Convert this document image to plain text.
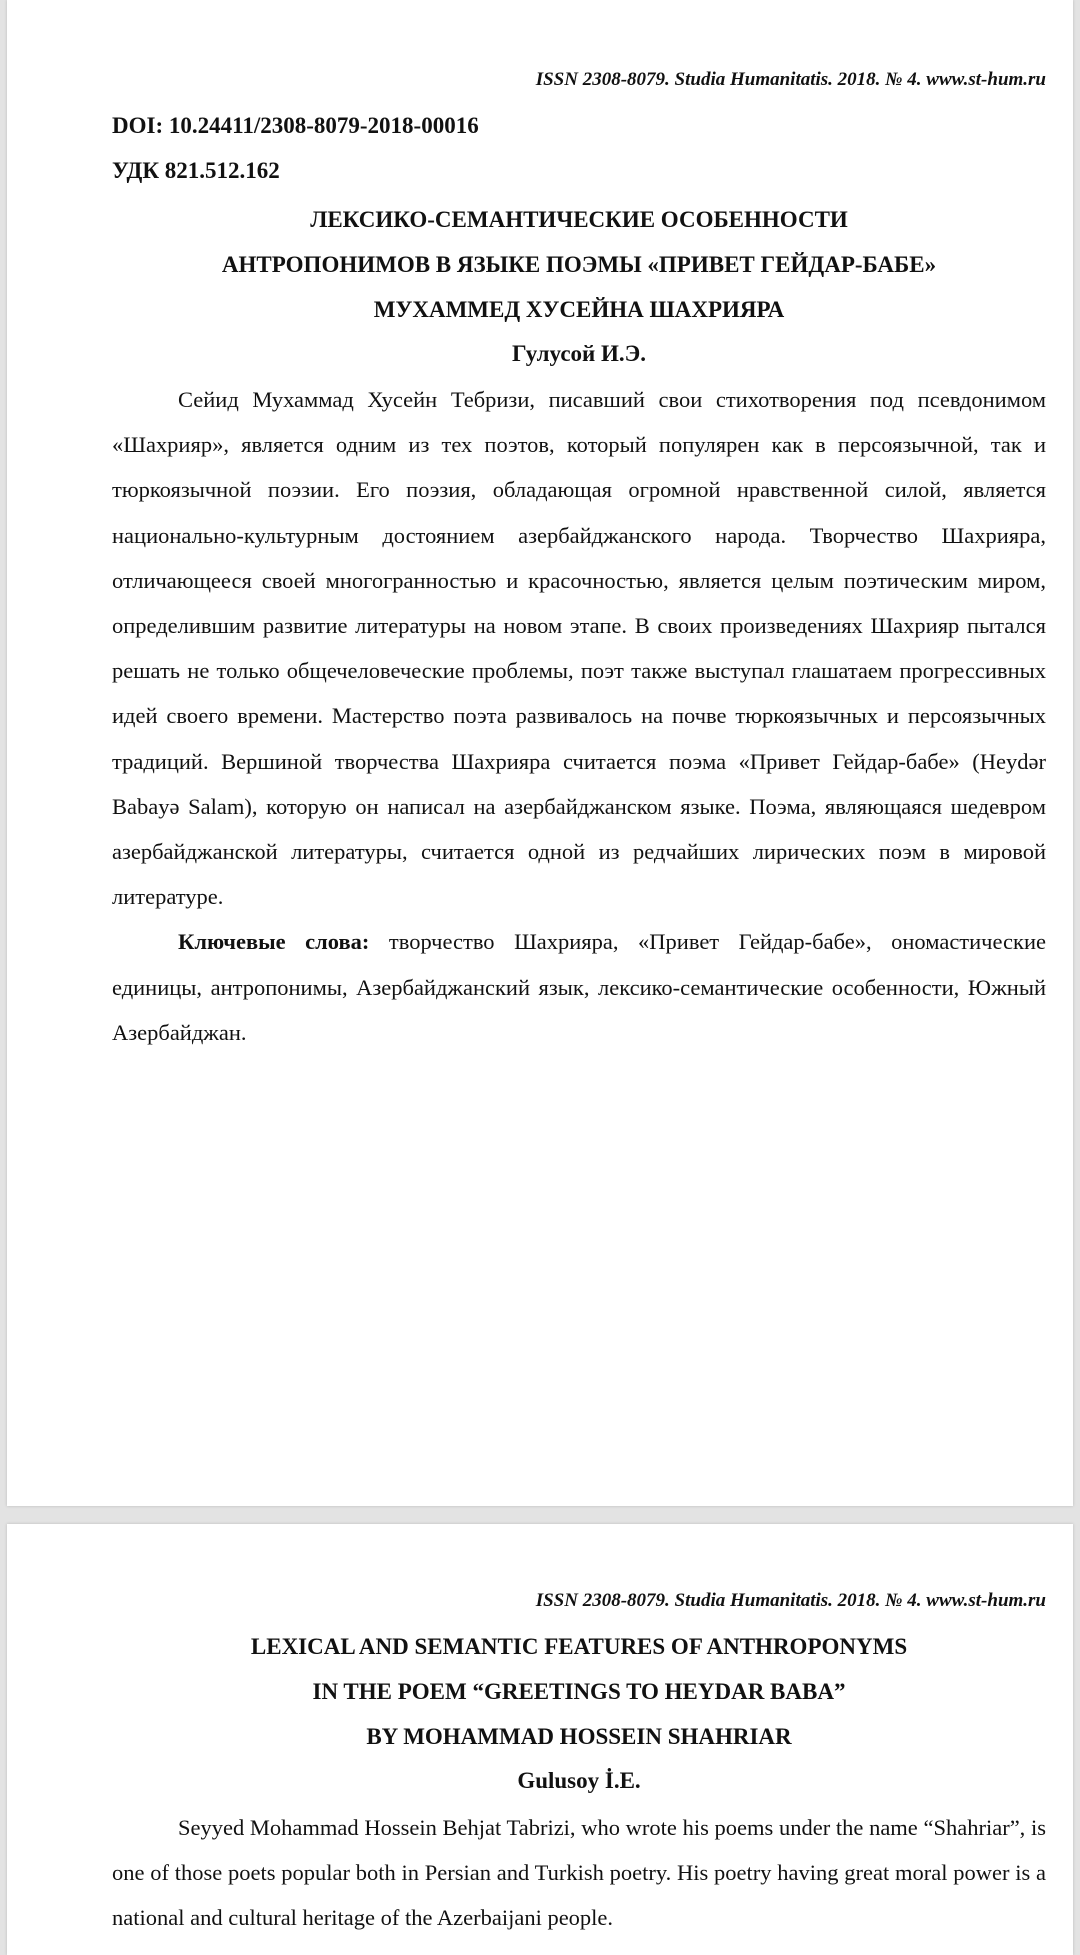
ISSN 2308-8079. Studia Humanitatis. 2018. № 4. www.st-hum.ru
DOI: 10.24411/2308-8079-2018-00016
УДК 821.512.162
ЛЕКСИКО-СЕМАНТИЧЕСКИЕ ОСОБЕННОСТИ
АНТРОПОНИМОВ В ЯЗЫКЕ ПОЭМЫ «ПРИВЕТ ГЕЙДАР-БАБЕ»
МУХАММЕД ХУСЕЙНА ШАХРИЯРА
Гулусой И.Э.

Сейид Мухаммад Хусейн Тебризи, писавший свои стихотворения под псевдонимом «Шахрияр», является одним из тех поэтов, который популярен как в персоязычной, так и тюркоязычной поэзии. Его поэзия, обладающая огромной нравственной силой, является национально-культурным достоянием азербайджанского народа. Творчество Шахрияра, отличающееся своей многогранностью и красочностью, является целым поэтическим миром, определившим развитие литературы на новом этапе. В своих произведениях Шахрияр пытался решать не только общечеловеческие проблемы, поэт также выступал глашатаем прогрессивных идей своего времени. Мастерство поэта развивалось на почве тюркоязычных и персоязычных традиций. Вершиной творчества Шахрияра считается поэма «Привет Гейдар-бабе» (Heydər Babayə Salam), которую он написал на азербайджанском языке. Поэма, являющаяся шедевром азербайджанской литературы, считается одной из редчайших лирических поэм в мировой литературе.

Ключевые слова: творчество Шахрияра, «Привет Гейдар-бабе», ономастические единицы, антропонимы, Азербайджанский язык, лексико-семантические особенности, Южный Азербайджан.

ISSN 2308-8079. Studia Humanitatis. 2018. № 4. www.st-hum.ru
LEXICAL AND SEMANTIC FEATURES OF ANTHROPONYMS
IN THE POEM “GREETINGS TO HEYDAR BABA”
BY MOHAMMAD HOSSEIN SHAHRIAR
Gulusoy İ.E.

Seyyed Mohammad Hossein Behjat Tabrizi, who wrote his poems under the name “Shahriar”, is one of those poets popular both in Persian and Turkish poetry. His poetry having great moral power is a national and cultural heritage of the Azerbaijani people.
